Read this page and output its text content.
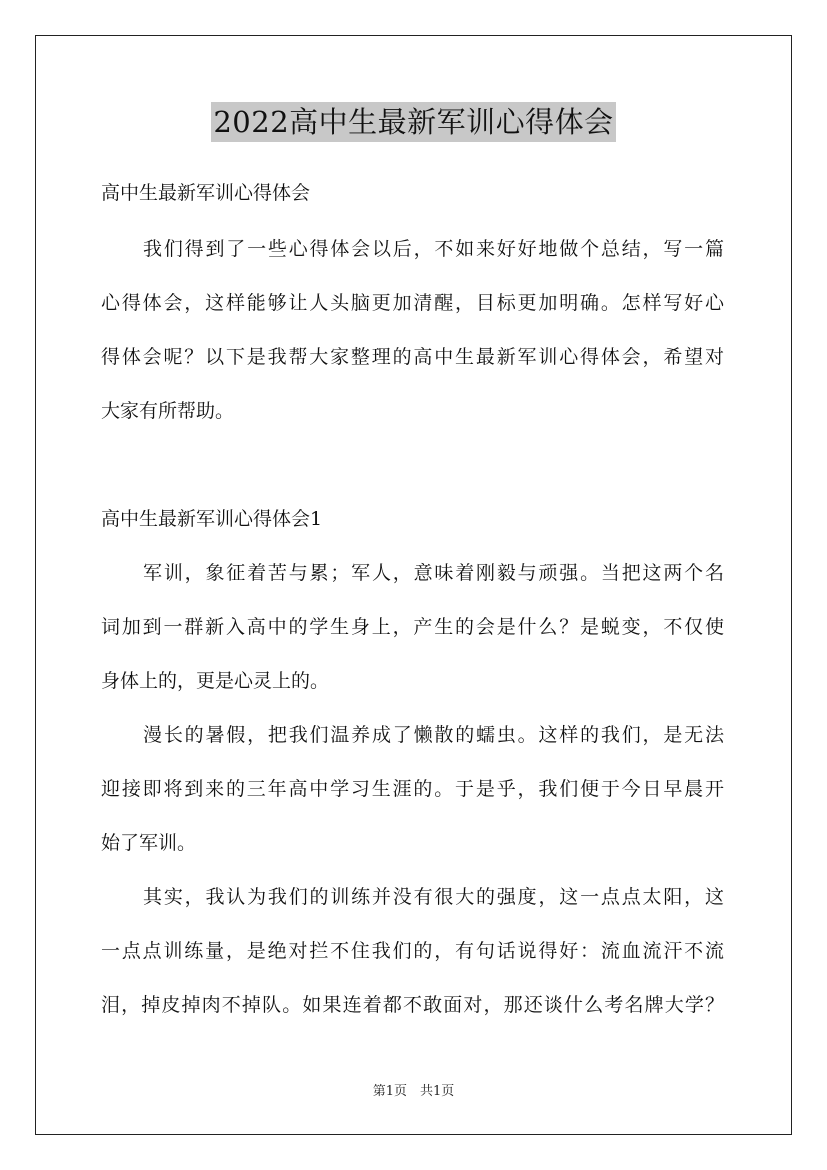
2022高中生最新军训心得体会
高中生最新军训心得体会
我们得到了一些心得体会以后，不如来好好地做个总结，写一篇
心得体会，这样能够让人头脑更加清醒，目标更加明确。怎样写好心
得体会呢？以下是我帮大家整理的高中生最新军训心得体会，希望对
大家有所帮助。
高中生最新军训心得体会1
军训，象征着苦与累；军人，意味着刚毅与顽强。当把这两个名
词加到一群新入高中的学生身上，产生的会是什么？是蜕变，不仅使
身体上的，更是心灵上的。
漫长的暑假，把我们温养成了懒散的蠕虫。这样的我们，是无法
迎接即将到来的三年高中学习生涯的。于是乎，我们便于今日早晨开
始了军训。
其实，我认为我们的训练并没有很大的强度，这一点点太阳，这
一点点训练量，是绝对拦不住我们的，有句话说得好：流血流汗不流
泪，掉皮掉肉不掉队。如果连着都不敢面对，那还谈什么考名牌大学？
第1页　共1页
